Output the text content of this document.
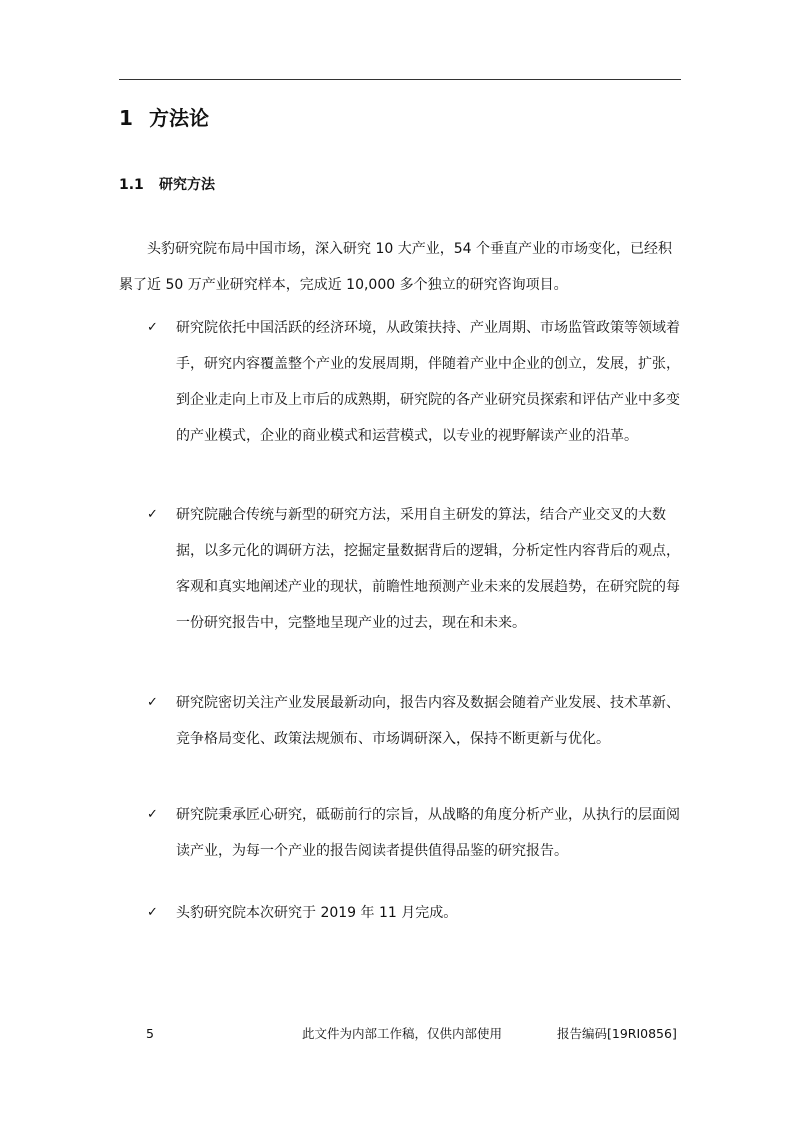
1 方法论
1.1 研究方法

头豹研究院布局中国市场，深入研究 10 大产业，54 个垂直产业的市场变化，已经积累了近 50 万产业研究样本，完成近 10,000 多个独立的研究咨询项目。

✓	研究院依托中国活跃的经济环境，从政策扶持、产业周期、市场监管政策等领域着手，研究内容覆盖整个产业的发展周期，伴随着产业中企业的创立，发展，扩张，到企业走向上市及上市后的成熟期，研究院的各产业研究员探索和评估产业中多变的产业模式，企业的商业模式和运营模式，以专业的视野解读产业的沿革。
✓	研究院融合传统与新型的研究方法，采用自主研发的算法，结合产业交叉的大数据，以多元化的调研方法，挖掘定量数据背后的逻辑，分析定性内容背后的观点，客观和真实地阐述产业的现状，前瞻性地预测产业未来的发展趋势，在研究院的每一份研究报告中，完整地呈现产业的过去，现在和未来。
✓	研究院密切关注产业发展最新动向，报告内容及数据会随着产业发展、技术革新、竞争格局变化、政策法规颁布、市场调研深入，保持不断更新与优化。
✓	研究院秉承匠心研究，砥砺前行的宗旨，从战略的角度分析产业，从执行的层面阅读产业，为每一个产业的报告阅读者提供值得品鉴的研究报告。
✓	头豹研究院本次研究于 2019 年 11 月完成。
5	此文件为内部工作稿，仅供内部使用	报告编码[19RI0856]
